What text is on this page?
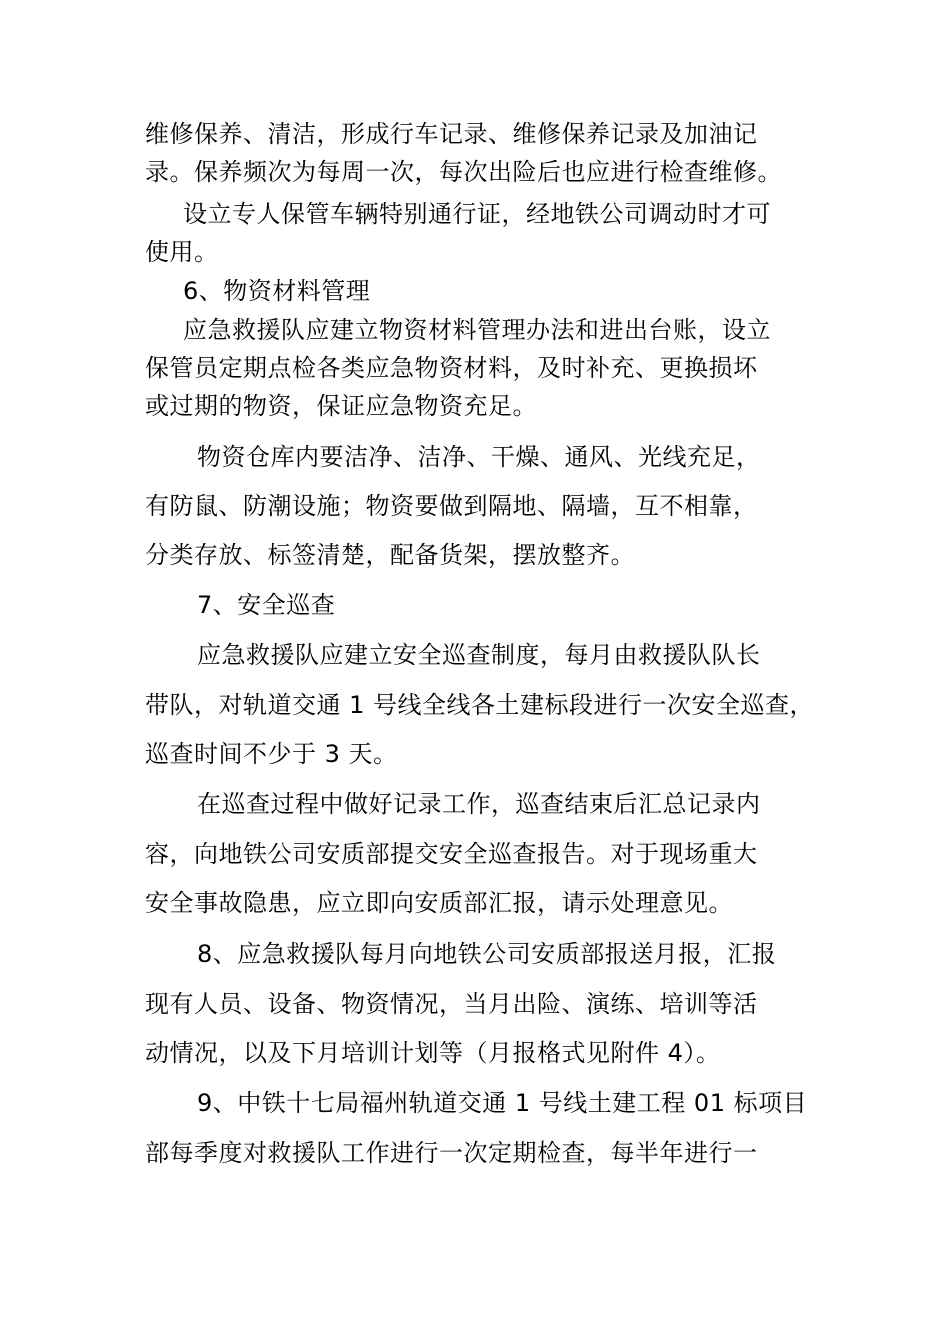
维修保养、清洁，形成行车记录、维修保养记录及加油记
录。保养频次为每周一次，每次出险后也应进行检查维修。
设立专人保管车辆特别通行证，经地铁公司调动时才可
使用。
6、物资材料管理
应急救援队应建立物资材料管理办法和进出台账，设立
保管员定期点检各类应急物资材料，及时补充、更换损坏
或过期的物资，保证应急物资充足。
物资仓库内要洁净、洁净、干燥、通风、光线充足，
有防鼠、防潮设施；物资要做到隔地、隔墙，互不相靠，
分类存放、标签清楚，配备货架，摆放整齐。
7、安全巡查
应急救援队应建立安全巡查制度，每月由救援队队长
带队，对轨道交通 1 号线全线各土建标段进行一次安全巡查，
巡查时间不少于 3 天。
在巡查过程中做好记录工作，巡查结束后汇总记录内
容，向地铁公司安质部提交安全巡查报告。对于现场重大
安全事故隐患，应立即向安质部汇报，请示处理意见。
8、应急救援队每月向地铁公司安质部报送月报，汇报
现有人员、设备、物资情况，当月出险、演练、培训等活
动情况，以及下月培训计划等（月报格式见附件 4）。
9、中铁十七局福州轨道交通 1 号线土建工程 01 标项目
部每季度对救援队工作进行一次定期检查，每半年进行一
